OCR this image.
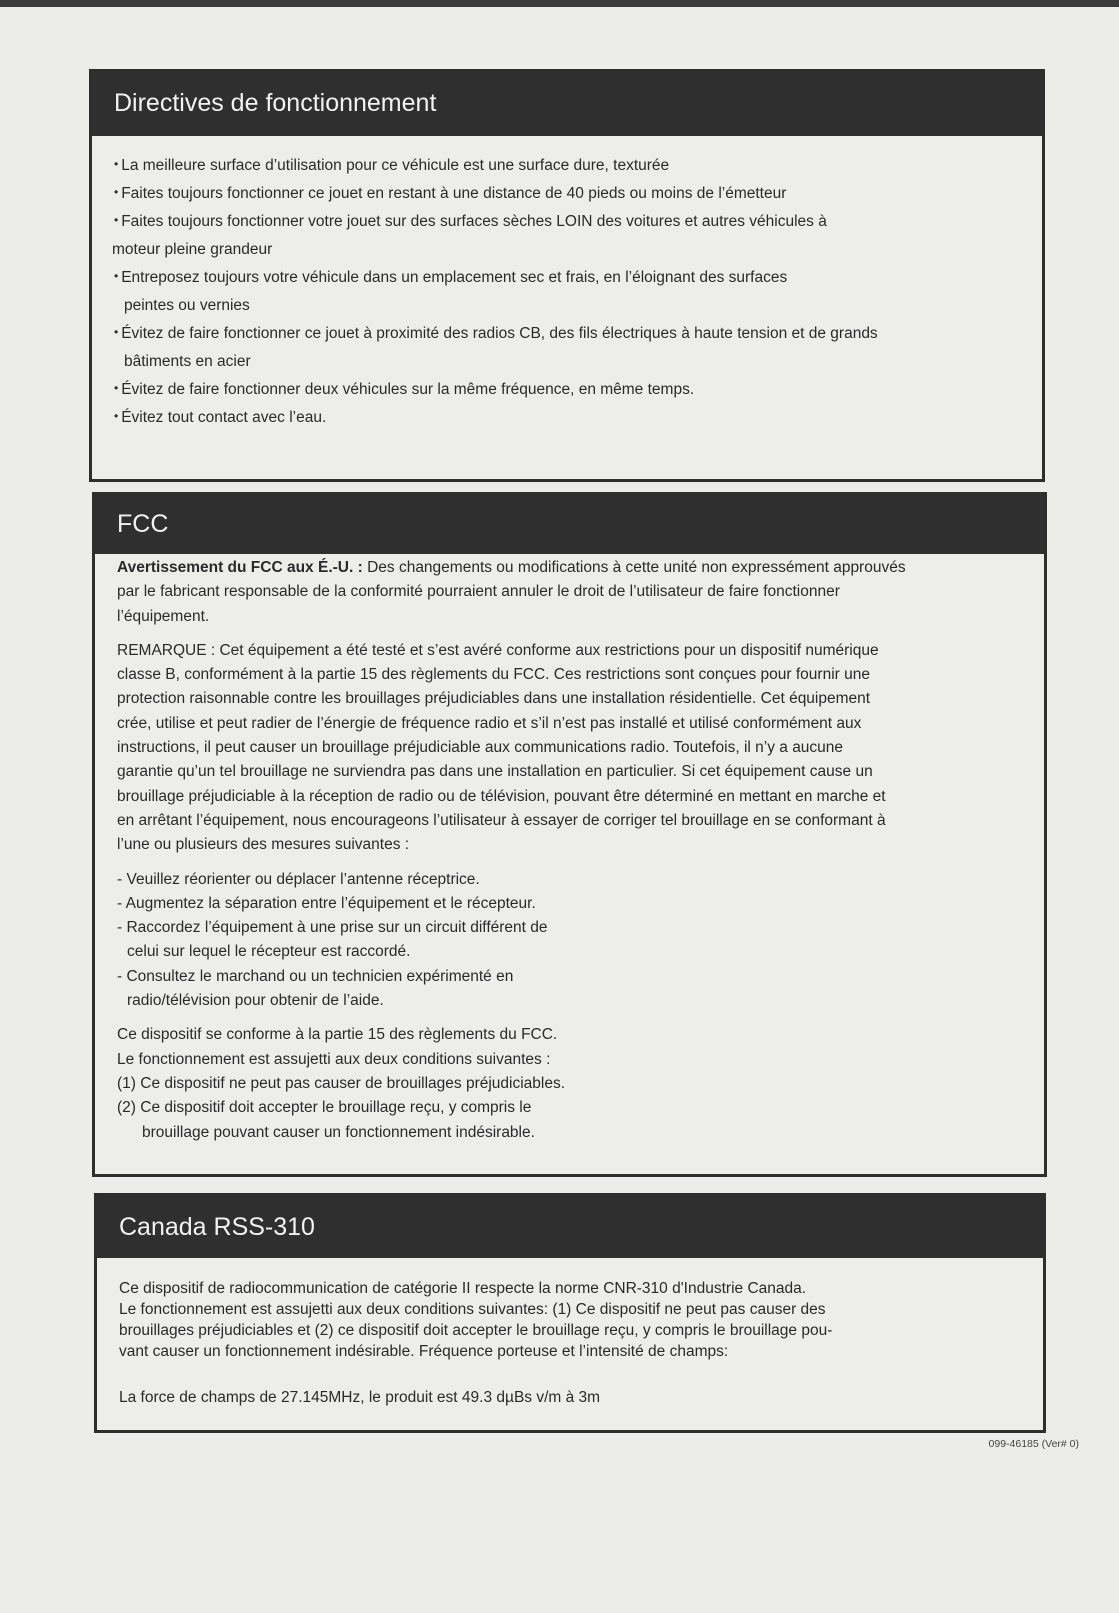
Directives de fonctionnement
• La meilleure surface d’utilisation pour ce véhicule est une surface dure, texturée
• Faites toujours fonctionner ce jouet en restant à une distance de 40 pieds ou moins de l’émetteur
• Faites toujours fonctionner votre jouet sur des surfaces sèches LOIN des voitures et autres véhicules à
moteur pleine grandeur
• Entreposez toujours votre véhicule dans un emplacement sec et frais, en l’éloignant des surfaces
peintes ou vernies
• Évitez de faire fonctionner ce jouet à proximité des radios CB, des fils électriques à haute tension et de grands
bâtiments en acier
• Évitez de faire fonctionner deux véhicules sur la même fréquence, en même temps.
• Évitez tout contact avec l’eau.
FCC

Avertissement du FCC aux É.-U. : Des changements ou modifications à cette unité non expressément approuvés
par le fabricant responsable de la conformité pourraient annuler le droit de l’utilisateur de faire fonctionner
l’équipement.

REMARQUE : Cet équipement a été testé et s’est avéré conforme aux restrictions pour un dispositif numérique
classe B, conformément à la partie 15 des règlements du FCC. Ces restrictions sont conçues pour fournir une
protection raisonnable contre les brouillages préjudiciables dans une installation résidentielle. Cet équipement
crée, utilise et peut radier de l’énergie de fréquence radio et s’il n’est pas installé et utilisé conformément aux
instructions, il peut causer un brouillage préjudiciable aux communications radio. Toutefois, il n’y a aucune
garantie qu’un tel brouillage ne surviendra pas dans une installation en particulier. Si cet équipement cause un
brouillage préjudiciable à la réception de radio ou de télévision, pouvant être déterminé en mettant en marche et
en arrêtant l’équipement, nous encourageons l’utilisateur à essayer de corriger tel brouillage en se conformant à
l’une ou plusieurs des mesures suivantes :

- Veuillez réorienter ou déplacer l’antenne réceptrice.
- Augmentez la séparation entre l’équipement et le récepteur.
- Raccordez l’équipement à une prise sur un circuit différent de
celui sur lequel le récepteur est raccordé.
- Consultez le marchand ou un technicien expérimenté en
radio/télévision pour obtenir de l’aide.
Ce dispositif se conforme à la partie 15 des règlements du FCC.
Le fonctionnement est assujetti aux deux conditions suivantes :
(1) Ce dispositif ne peut pas causer de brouillages préjudiciables.
(2) Ce dispositif doit accepter le brouillage reçu, y compris le
brouillage pouvant causer un fonctionnement indésirable.
Canada RSS-310

Ce dispositif de radiocommunication de catégorie II respecte la norme CNR-310 d'Industrie Canada.
Le fonctionnement est assujetti aux deux conditions suivantes: (1) Ce dispositif ne peut pas causer des
brouillages préjudiciables et (2) ce dispositif doit accepter le brouillage reçu, y compris le brouillage pou-
vant causer un fonctionnement indésirable. Fréquence porteuse et l’intensité de champs:

La force de champs de 27.145MHz, le produit est 49.3 dµBs v/m à 3m

099-46185 (Ver# 0)
